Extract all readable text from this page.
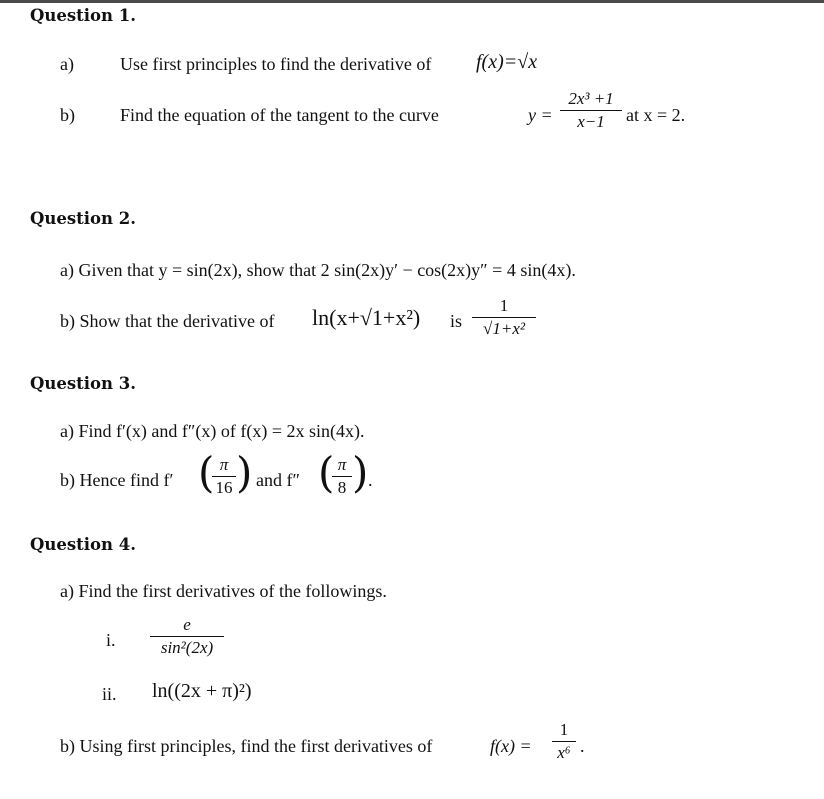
Question 1.
a)	Use first principles to find the derivative of f(x)=√x
b)	Find the equation of the tangent to the curve	y =
2x³ +1
x−1	at x = 2.
Question 2.
a) Given that y = sin(2x), show that 2 sin(2x)y′ − cos(2x)y″ = 4 sin(4x).
b) Show that the derivative of ln(x+√1+x²) is
1
√1+x²
Question 3.
a) Find f′(x) and f″(x) of f(x) = 2x sin(4x).
b) Hence find f′ ( π
16 ) and f″ ( π
8 ) .
Question 4.
a) Find the first derivatives of the followings.
i.
e
sin²(2x)
ii. ln((2x + π)²)
b) Using first principles, find the first derivatives of	f(x) =
1
x⁶ .
